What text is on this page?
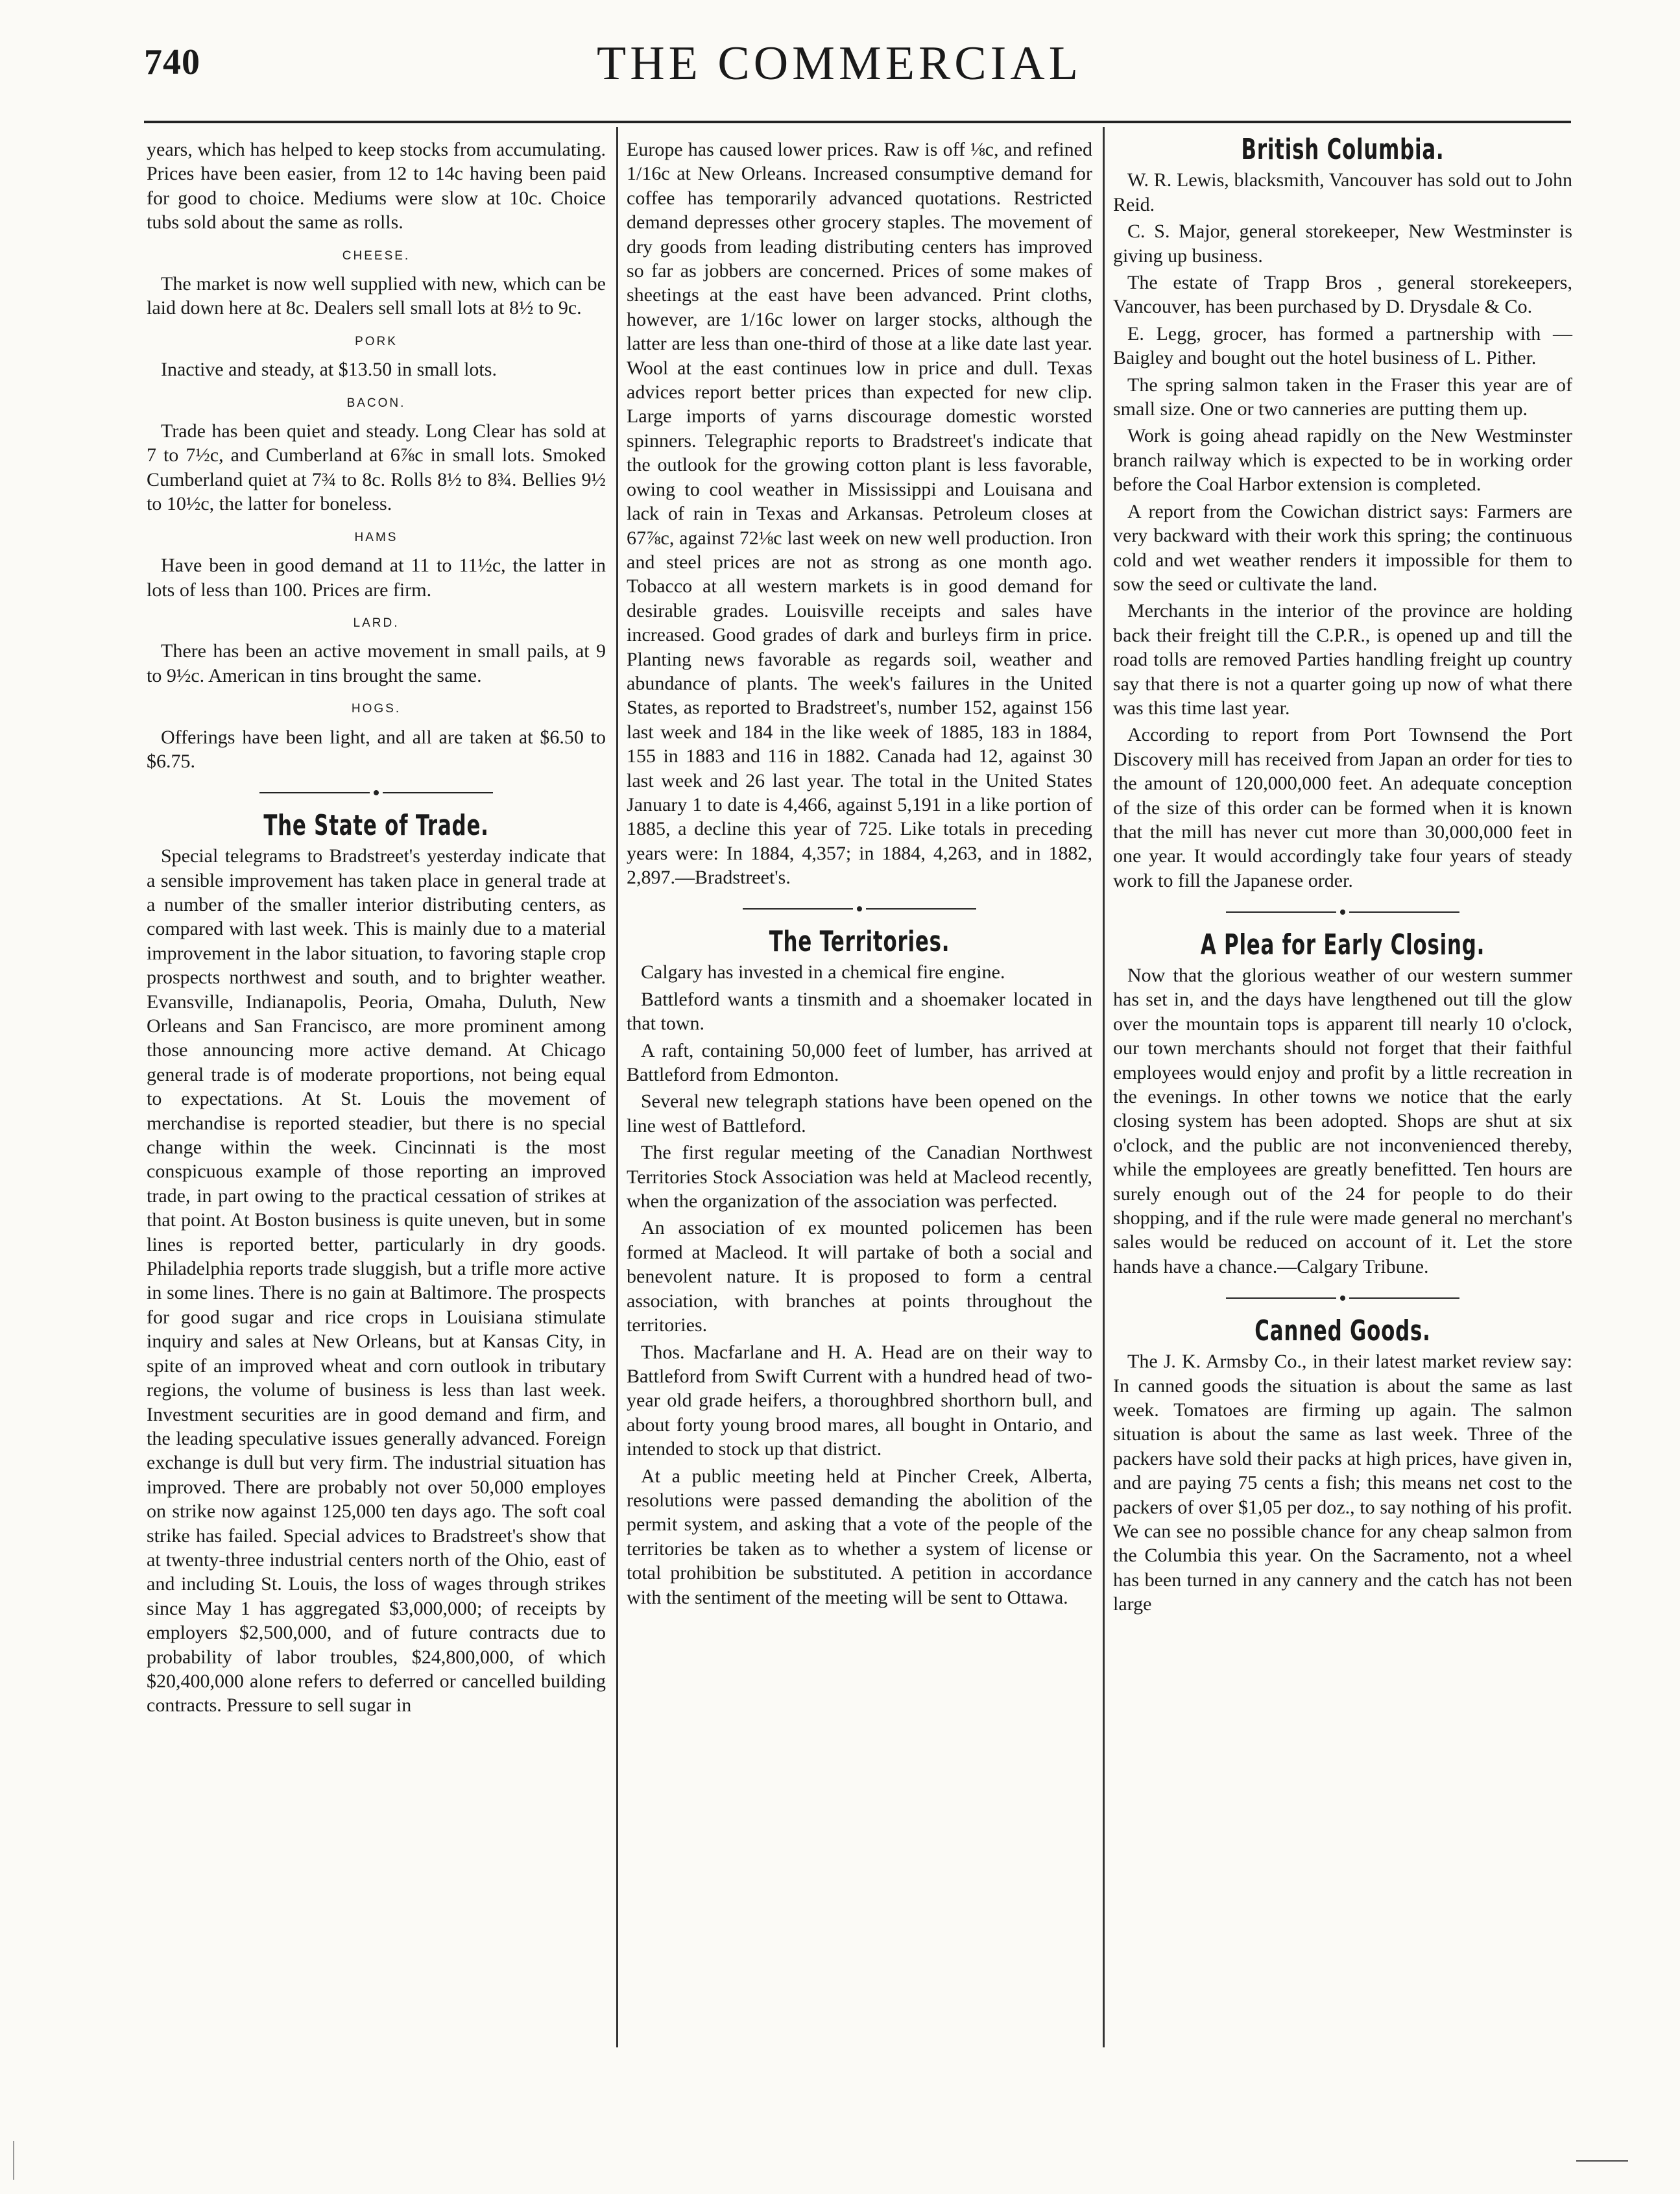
740	THE COMMERCIAL

years, which has helped to keep stocks from accumulating. Prices have been easier, from 12 to 14c having been paid for good to choice. Mediums were slow at 10c. Choice tubs sold about the same as rolls.

CHEESE.

The market is now well supplied with new, which can be laid down here at 8c. Dealers sell small lots at 8½ to 9c.

PORK

Inactive and steady, at $13.50 in small lots.

BACON.

Trade has been quiet and steady. Long Clear has sold at 7 to 7½c, and Cumberland at 6⅞c in small lots. Smoked Cumberland quiet at 7¾ to 8c. Rolls 8½ to 8¾. Bellies 9½ to 10½c, the latter for boneless.

HAMS

Have been in good demand at 11 to 11½c, the latter in lots of less than 100. Prices are firm.

LARD.

There has been an active movement in small pails, at 9 to 9½c. American in tins brought the same.

HOGS.

Offerings have been light, and all are taken at $6.50 to $6.75.

The State of Trade.

Special telegrams to Bradstreet's yesterday indicate that a sensible improvement has taken place in general trade at a number of the smaller interior distributing centers, as compared with last week. This is mainly due to a material improvement in the labor situation, to favoring staple crop prospects northwest and south, and to brighter weather. Evansville, Indianapolis, Peoria, Omaha, Duluth, New Orleans and San Francisco, are more prominent among those announcing more active demand. At Chicago general trade is of moderate proportions, not being equal to expectations. At St. Louis the movement of merchandise is reported steadier, but there is no special change within the week. Cincinnati is the most conspicuous example of those reporting an improved trade, in part owing to the practical cessation of strikes at that point. At Boston business is quite uneven, but in some lines is reported better, particularly in dry goods. Philadelphia reports trade sluggish, but a trifle more active in some lines. There is no gain at Baltimore. The prospects for good sugar and rice crops in Louisiana stimulate inquiry and sales at New Orleans, but at Kansas City, in spite of an improved wheat and corn outlook in tributary regions, the volume of business is less than last week. Investment securities are in good demand and firm, and the leading speculative issues generally advanced. Foreign exchange is dull but very firm. The industrial situation has improved. There are probably not over 50,000 employes on strike now against 125,000 ten days ago. The soft coal strike has failed. Special advices to Bradstreet's show that at twenty-three industrial centers north of the Ohio, east of and including St. Louis, the loss of wages through strikes since May 1 has aggregated $3,000,000; of receipts by employers $2,500,000, and of future contracts due to probability of labor troubles, $24,800,000, of which $20,400,000 alone refers to deferred or cancelled building contracts. Pressure to sell sugar in

Europe has caused lower prices. Raw is off ⅛c, and refined 1/16c at New Orleans. Increased consumptive demand for coffee has temporarily advanced quotations. Restricted demand depresses other grocery staples. The movement of dry goods from leading distributing centers has improved so far as jobbers are concerned. Prices of some makes of sheetings at the east have been advanced. Print cloths, however, are 1/16c lower on larger stocks, although the latter are less than one-third of those at a like date last year. Wool at the east continues low in price and dull. Texas advices report better prices than expected for new clip. Large imports of yarns discourage domestic worsted spinners. Telegraphic reports to Bradstreet's indicate that the outlook for the growing cotton plant is less favorable, owing to cool weather in Mississippi and Louisana and lack of rain in Texas and Arkansas. Petroleum closes at 67⅞c, against 72⅛c last week on new well production. Iron and steel prices are not as strong as one month ago. Tobacco at all western markets is in good demand for desirable grades. Louisville receipts and sales have increased. Good grades of dark and burleys firm in price. Planting news favorable as regards soil, weather and abundance of plants. The week's failures in the United States, as reported to Bradstreet's, number 152, against 156 last week and 184 in the like week of 1885, 183 in 1884, 155 in 1883 and 116 in 1882. Canada had 12, against 30 last week and 26 last year. The total in the United States January 1 to date is 4,466, against 5,191 in a like portion of 1885, a decline this year of 725. Like totals in preceding years were: In 1884, 4,357; in 1884, 4,263, and in 1882, 2,897.—Bradstreet's.

The Territories.

Calgary has invested in a chemical fire engine.

Battleford wants a tinsmith and a shoemaker located in that town.

A raft, containing 50,000 feet of lumber, has arrived at Battleford from Edmonton.

Several new telegraph stations have been opened on the line west of Battleford.

The first regular meeting of the Canadian Northwest Territories Stock Association was held at Macleod recently, when the organization of the association was perfected.

An association of ex mounted policemen has been formed at Macleod. It will partake of both a social and benevolent nature. It is proposed to form a central association, with branches at points throughout the territories.

Thos. Macfarlane and H. A. Head are on their way to Battleford from Swift Current with a hundred head of two-year old grade heifers, a thoroughbred shorthorn bull, and about forty young brood mares, all bought in Ontario, and intended to stock up that district.

At a public meeting held at Pincher Creek, Alberta, resolutions were passed demanding the abolition of the permit system, and asking that a vote of the people of the territories be taken as to whether a system of license or total prohibition be substituted. A petition in accordance with the sentiment of the meeting will be sent to Ottawa.

British Columbia.

W. R. Lewis, blacksmith, Vancouver has sold out to John Reid.

C. S. Major, general storekeeper, New Westminster is giving up business.

The estate of Trapp Bros , general storekeepers, Vancouver, has been purchased by D. Drysdale & Co.

E. Legg, grocer, has formed a partnership with — Baigley and bought out the hotel business of L. Pither.

The spring salmon taken in the Fraser this year are of small size. One or two canneries are putting them up.

Work is going ahead rapidly on the New Westminster branch railway which is expected to be in working order before the Coal Harbor extension is completed.

A report from the Cowichan district says: Farmers are very backward with their work this spring; the continuous cold and wet weather renders it impossible for them to sow the seed or cultivate the land.

Merchants in the interior of the province are holding back their freight till the C.P.R., is opened up and till the road tolls are removed Parties handling freight up country say that there is not a quarter going up now of what there was this time last year.

According to report from Port Townsend the Port Discovery mill has received from Japan an order for ties to the amount of 120,000,000 feet. An adequate conception of the size of this order can be formed when it is known that the mill has never cut more than 30,000,000 feet in one year. It would accordingly take four years of steady work to fill the Japanese order.

A Plea for Early Closing.

Now that the glorious weather of our western summer has set in, and the days have lengthened out till the glow over the mountain tops is apparent till nearly 10 o'clock, our town merchants should not forget that their faithful employees would enjoy and profit by a little recreation in the evenings. In other towns we notice that the early closing system has been adopted. Shops are shut at six o'clock, and the public are not inconvenienced thereby, while the employees are greatly benefitted. Ten hours are surely enough out of the 24 for people to do their shopping, and if the rule were made general no merchant's sales would be reduced on account of it. Let the store hands have a chance.—Calgary Tribune.

Canned Goods.

The J. K. Armsby Co., in their latest market review say: In canned goods the situation is about the same as last week. Tomatoes are firming up again. The salmon situation is about the same as last week. Three of the packers have sold their packs at high prices, have given in, and are paying 75 cents a fish; this means net cost to the packers of over $1,05 per doz., to say nothing of his profit. We can see no possible chance for any cheap salmon from the Columbia this year. On the Sacramento, not a wheel has been turned in any cannery and the catch has not been large
